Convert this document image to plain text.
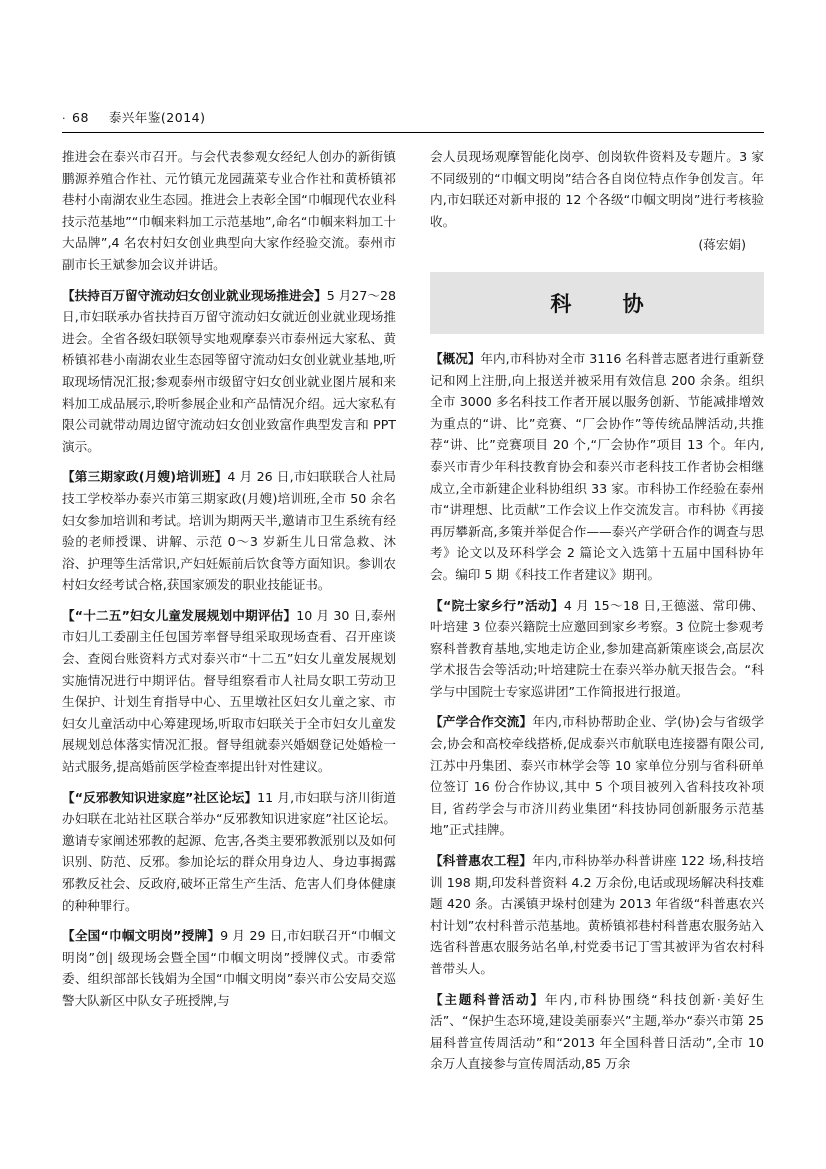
· 68 泰兴年鉴(2014)

推进会在泰兴市召开。与会代表参观女经纪人创办的新街镇鹏源养殖合作社、元竹镇元龙园蔬菜专业合作社和黄桥镇祁巷村小南湖农业生态园。推进会上表彰全国“巾帼现代农业科技示范基地”“巾帼来料加工示范基地”,命名“巾帼来料加工十大品牌”,4 名农村妇女创业典型向大家作经验交流。泰州市副市长王斌参加会议并讲话。

【扶持百万留守流动妇女创业就业现场推进会】5 月27～28 日,市妇联承办省扶持百万留守流动妇女就近创业就业现场推进会。全省各级妇联领导实地观摩泰兴市泰州远大家私、黄桥镇祁巷小南湖农业生态园等留守流动妇女创业就业基地,听取现场情况汇报;参观泰州市级留守妇女创业就业图片展和来料加工成品展示,聆听参展企业和产品情况介绍。远大家私有限公司就带动周边留守流动妇女创业致富作典型发言和 PPT 演示。

【第三期家政(月嫂)培训班】4 月 26 日,市妇联联合人社局技工学校举办泰兴市第三期家政(月嫂)培训班,全市 50 余名妇女参加培训和考试。培训为期两天半,邀请市卫生系统有经验的老师授课、讲解、示范 0～3 岁新生儿日常急救、沐浴、护理等生活常识,产妇妊娠前后饮食等方面知识。参训农村妇女经考试合格,获国家颁发的职业技能证书。

【“十二五”妇女儿童发展规划中期评估】10 月 30 日,泰州市妇儿工委副主任包国芳率督导组采取现场查看、召开座谈会、查阅台账资料方式对泰兴市“十二五”妇女儿童发展规划实施情况进行中期评估。督导组察看市人社局女职工劳动卫生保护、计划生育指导中心、五里墩社区妇女儿童之家、市妇女儿童活动中心筹建现场,听取市妇联关于全市妇女儿童发展规划总体落实情况汇报。督导组就泰兴婚姻登记处婚检一站式服务,提高婚前医学检查率提出针对性建议。

【“反邪教知识进家庭”社区论坛】11 月,市妇联与济川街道办妇联在北站社区联合举办“反邪教知识进家庭”社区论坛。邀请专家阐述邪教的起源、危害,各类主要邪教派别以及如何识别、防范、反邪。参加论坛的群众用身边人、身边事揭露邪教反社会、反政府,破坏正常生产生活、危害人们身体健康的种种罪行。

【全国“巾帼文明岗”授牌】9 月 29 日,市妇联召开“巾帼文明岗”创| 级现场会暨全国“巾帼文明岗”授牌仪式。市委常委、组织部部长钱娟为全国“巾帼文明岗”泰兴市公安局交巡警大队新区中队女子班授牌,与

会人员现场观摩智能化岗亭、创岗软件资料及专题片。3 家不同级别的“巾帼文明岗”结合各自岗位特点作争创发言。年内,市妇联还对新申报的 12 个各级“巾帼文明岗”进行考核验收。

(蒋宏娟)

科 协

【概况】年内,市科协对全市 3116 名科普志愿者进行重新登记和网上注册,向上报送并被采用有效信息 200 余条。组织全市 3000 多名科技工作者开展以服务创新、节能减排增效为重点的“讲、比”竞赛、“厂会协作”等传统品牌活动,共推荐“讲、比”竞赛项目 20 个,“厂会协作”项目 13 个。年内,泰兴市青少年科技教育协会和泰兴市老科技工作者协会相继成立,全市新建企业科协组织 33 家。市科协工作经验在泰州市“讲理想、比贡献”工作会议上作交流发言。市科协《再接再厉攀新高,多策并举促合作——泰兴产学研合作的调查与思考》论文以及环科学会 2 篇论文入选第十五届中国科协年会。编印 5 期《科技工作者建议》期刊。

【“院士家乡行”活动】4 月 15～18 日,王德滋、常印佛、叶培建 3 位泰兴籍院士应邀回到家乡考察。3 位院士参观考察科普教育基地,实地走访企业,参加建高新策座谈会,高层次学术报告会等活动;叶培建院士在泰兴举办航天报告会。“科学与中国院士专家巡讲团”工作简报进行报道。

【产学合作交流】年内,市科协帮助企业、学(协)会与省级学会,协会和高校牵线搭桥,促成泰兴市航联电连接器有限公司,江苏中丹集团、泰兴市林学会等 10 家单位分别与省科研单位签订 16 份合作协议,其中 5 个项目被列入省科技攻补项目, 省药学会与市济川药业集团“科技协同创新服务示范基地”正式挂牌。

【科普惠农工程】年内,市科协举办科普讲座 122 场,科技培训 198 期,印发科普资料 4.2 万余份,电话或现场解决科技难题 420 条。古溪镇尹垛村创建为 2013 年省级“科普惠农兴村计划”农村科普示范基地。黄桥镇祁巷村科普惠农服务站入选省科普惠农服务站名单,村党委书记丁雪其被评为省农村科普带头人。

【主题科普活动】年内,市科协围绕“科技创新·美好生活”、“保护生态环境,建设美丽泰兴”主题,举办“泰兴市第 25 届科普宣传周活动”和“2013 年全国科普日活动”,全市 10 余万人直接参与宣传周活动,85 万余
